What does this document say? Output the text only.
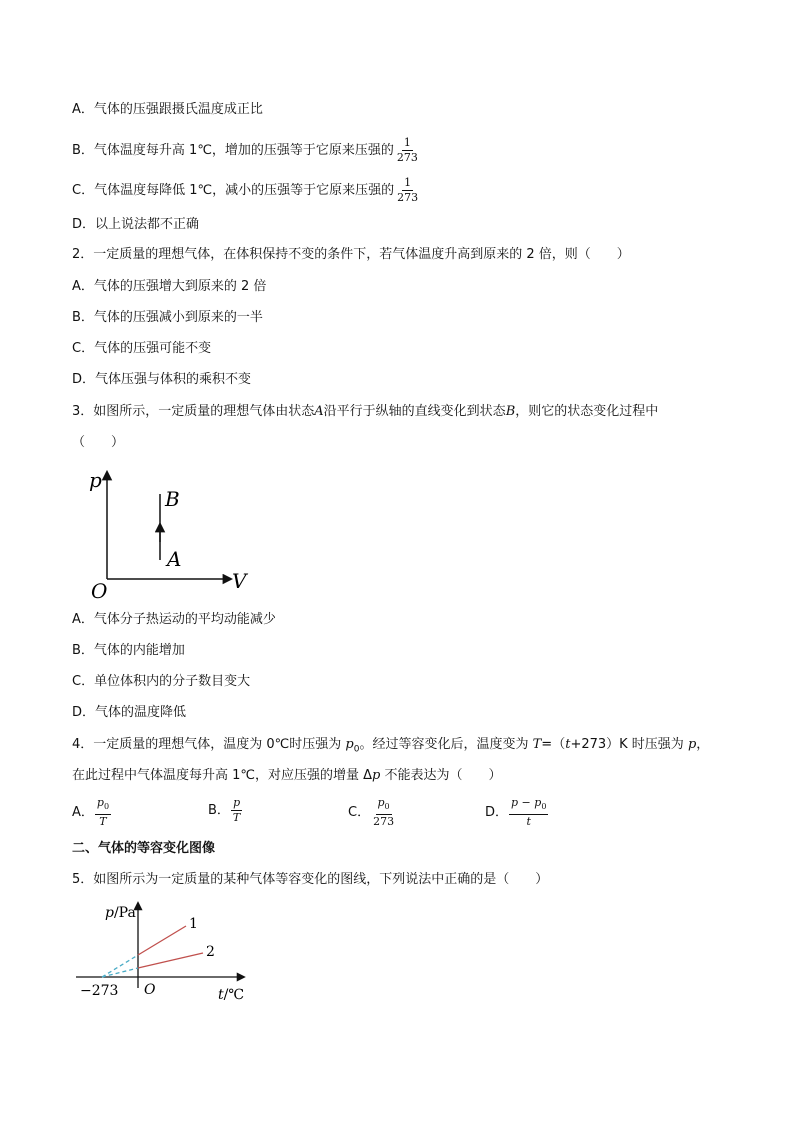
A．气体的压强跟摄氏温度成正比
B．气体温度每升高 1℃，增加的压强等于它原来压强的 $\frac{1}{273}$
C．气体温度每降低 1℃，减小的压强等于它原来压强的 $\frac{1}{273}$
D．以上说法都不正确
2．一定质量的理想气体，在体积保持不变的条件下，若气体温度升高到原来的 2 倍，则（　　）
A．气体的压强增大到原来的 2 倍
B．气体的压强减小到原来的一半
C．气体的压强可能不变
D．气体压强与体积的乘积不变
3．如图所示，一定质量的理想气体由状态A沿平行于纵轴的直线变化到状态B，则它的状态变化过程中
（　　）
p
V
O
B
A
A．气体分子热运动的平均动能减少
B．气体的内能增加
C．单位体积内的分子数目变大
D．气体的温度降低
4．一定质量的理想气体，温度为 0℃时压强为 $p_0$。经过等容变化后，温度变为 T=（t+273）K 时压强为 p，
在此过程中气体温度每升高 1℃，对应压强的增量 Δp 不能表达为（　　）
A． $\frac{p_0}{T}$	B． $\frac{p}{T}$	C． $\frac{p_0}{273}$	D． $\frac{p - p_0}{t}$
二、气体的等容变化图像
5．如图所示为一定质量的某种气体等容变化的图线，下列说法中正确的是（　　）
p/Pa
t/℃
O
−273
1
2
